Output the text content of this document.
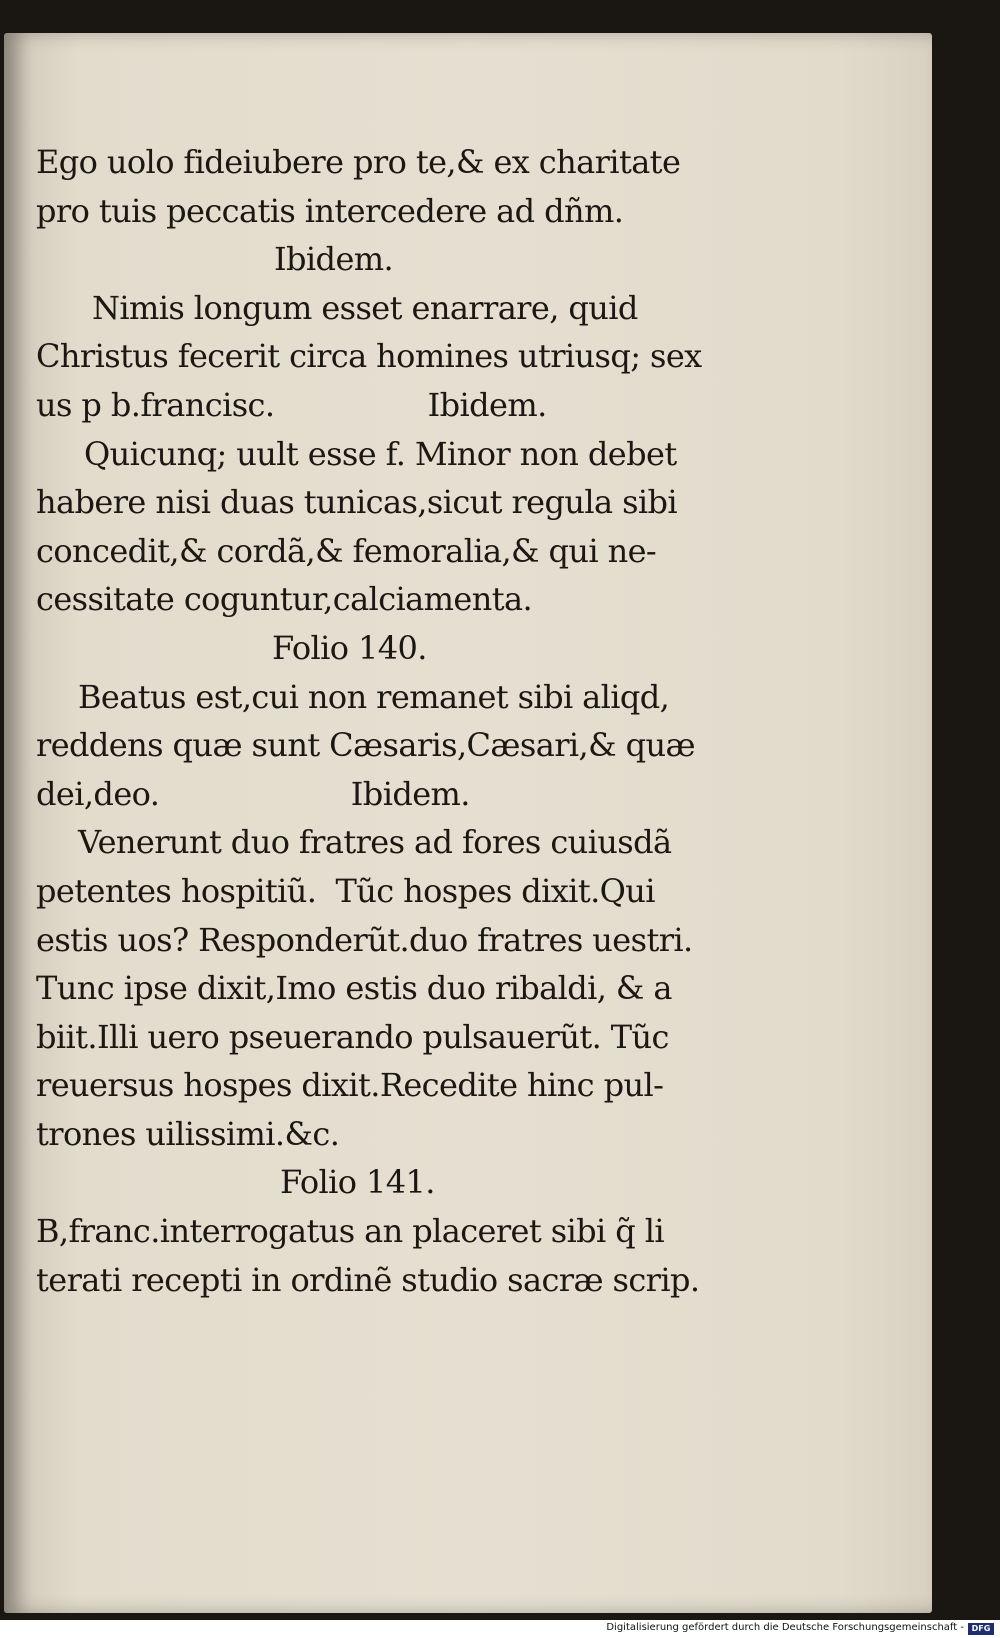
Ego uolo fideiubere pro te,& ex charitate
pro tuis peccatis intercedere ad dñm.
Ibidem.
Nimis longum esset enarrare, quid
Christus fecerit circa homines utriusq; sex
us p b.francisc.                Ibidem.
Quicunq; uult esse f. Minor non debet
habere nisi duas tunicas,sicut regula sibi
concedit,& cordã,& femoralia,& qui ne-
cessitate coguntur,calciamenta.
Folio 140.
Beatus est,cui non remanet sibi aliqd,
reddens quæ sunt Cæsaris,Cæsari,& quæ
dei,deo.                    Ibidem.
Venerunt duo fratres ad fores cuiusdã
petentes hospitiũ.  Tũc hospes dixit.Qui
estis uos? Responderũt.duo fratres uestri.
Tunc ipse dixit,Imo estis duo ribaldi, & a
biit.Illi uero pseuerando pulsauerũt. Tũc
reuersus hospes dixit.Recedite hinc pul-
trones uilissimi.&c.
Folio 141.
B,franc.interrogatus an placeret sibi q̃ li
terati recepti in ordinẽ studio sacræ scrip.
Digitalisierung gefördert durch die Deutsche Forschungsgemeinschaft - DFG
